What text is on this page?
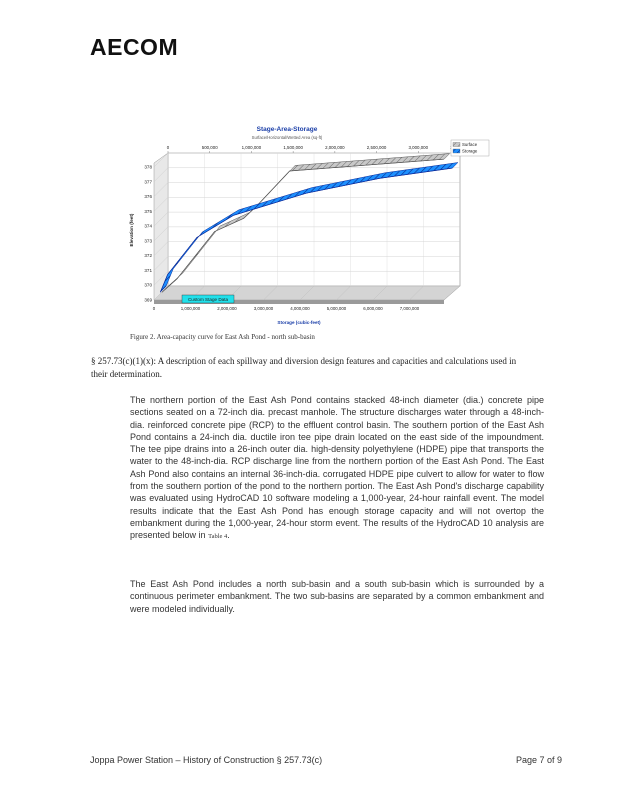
AECOM
Stage-Area-Storage
Surface/Horizontal/Wetted Area (sq-ft)
369
370
371
372
373
374
375
376
377
378
0	1,000,000	2,000,000	3,000,000	4,000,000	5,000,000	6,000,000	7,000,000
0	500,000	1,000,000	1,500,000	2,000,000	2,500,000	3,000,000
Storage (cubic-feet)
Elevation (feet)
Custom Stage Data
Surface
Storage
Figure 2. Area-capacity curve for East Ash Pond - north sub-basin
§ 257.73(c)(1)(x): A description of each spillway and diversion design features and capacities and calculations used in their determination.
The northern portion of the East Ash Pond contains stacked 48-inch diameter (dia.) concrete pipe sections seated on a 72-inch dia. precast manhole. The structure discharges water through a 48-inch-dia. reinforced concrete pipe (RCP) to the effluent control basin. The southern portion of the East Ash Pond contains a 24-inch dia. ductile iron tee pipe drain located on the east side of the impoundment. The tee pipe drains into a 26-inch outer dia. high-density polyethylene (HDPE) pipe that transports the water to the 48-inch-dia. RCP discharge line from the northern portion of the East Ash Pond. The East Ash Pond also contains an internal 36-inch-dia. corrugated HDPE pipe culvert to allow for water to flow from the southern portion of the pond to the northern portion. The East Ash Pond's discharge capability was evaluated using HydroCAD 10 software modeling a 1,000-year, 24-hour rainfall event. The model results indicate that the East Ash Pond has enough storage capacity and will not overtop the embankment during the 1,000-year, 24-hour storm event. The results of the HydroCAD 10 analysis are presented below in Table 4.
The East Ash Pond includes a north sub-basin and a south sub-basin which is surrounded by a continuous perimeter embankment. The two sub-basins are separated by a common embankment and were modeled individually.
Joppa Power Station – History of Construction § 257.73(c)	Page 7 of 9
